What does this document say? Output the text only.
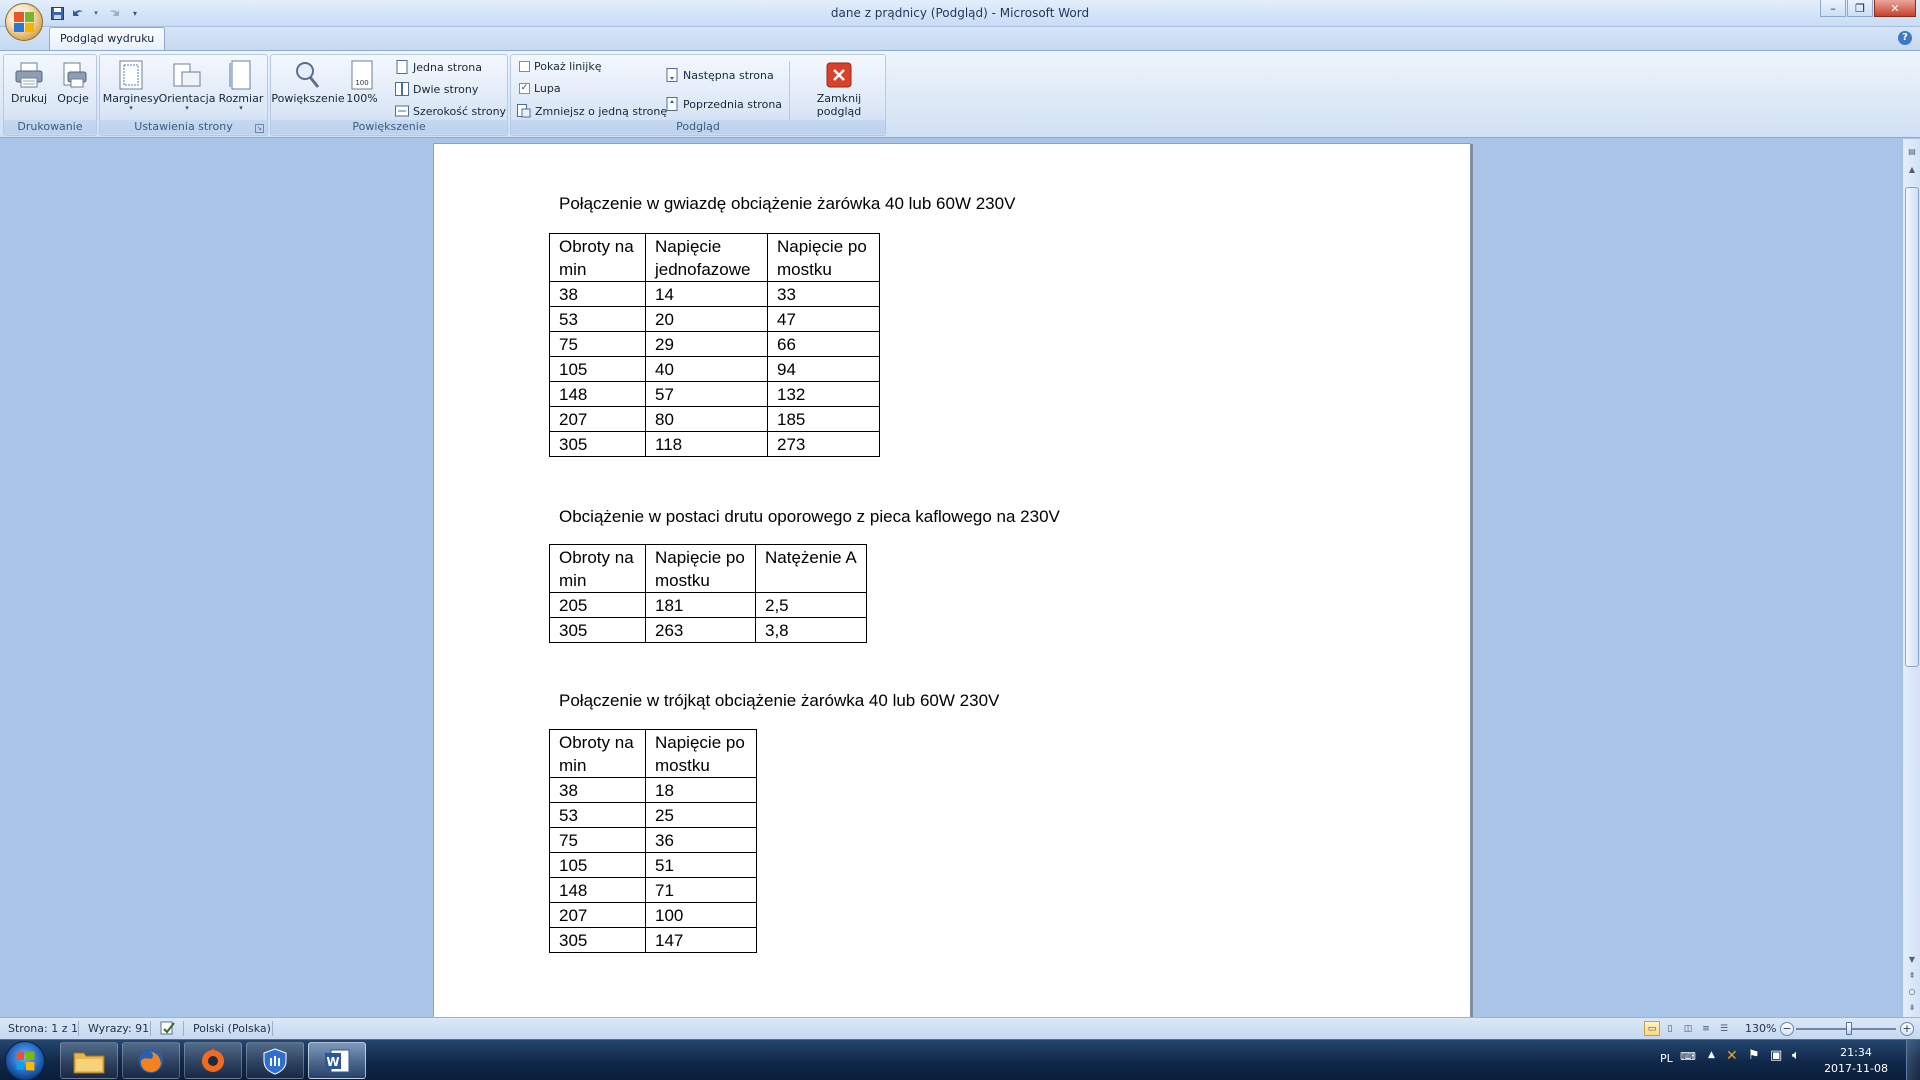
▾	▾	dane z prądnicy (Podgląd) - Microsoft Word	–	❐	✕
Podgląd wydruku	?
Drukuj Opcje
Drukowanie
Marginesy
▾
Orientacja
▾
Rozmiar
▾
Ustawienia strony	↘
Powiększenie
100
100%
Jedna strona
Dwie strony
Szerokość strony
Powiększenie
Pokaż linijkę
✓ Lupa
Zmniejsz o jedną stronę
Następna strona
Poprzednia strona	Zamknij podgląd
Podgląd
Połączenie w gwiazdę obciążenie żarówka 40 lub 60W 230V
Obroty na min	Napięcie jednofazowe	Napięcie po mostku
38	14	33
53	20	47
75	29	66
105	40	94
148	57	132
207	80	185
305	118	273
Obciążenie w postaci drutu oporowego z pieca kaflowego na 230V
Obroty na min	Napięcie po mostku	Natężenie A
205	181	2,5
305	263	3,8
Połączenie w trójkąt obciążenie żarówka 40 lub 60W 230V
Obroty na min	Napięcie po mostku
38	18
53	25
75	36
105	51
148	71
207	100
305	147
▤
▲
▼
⇞
○
⇟
Strona: 1 z 1 Wyrazy: 91	Polski (Polska)	▭	▯	◫	≡	☰	130% −	+
W	PL ⌨ ▲ ✕ ⚑ ▣ 🔈︎	21:34
2017-11-08
